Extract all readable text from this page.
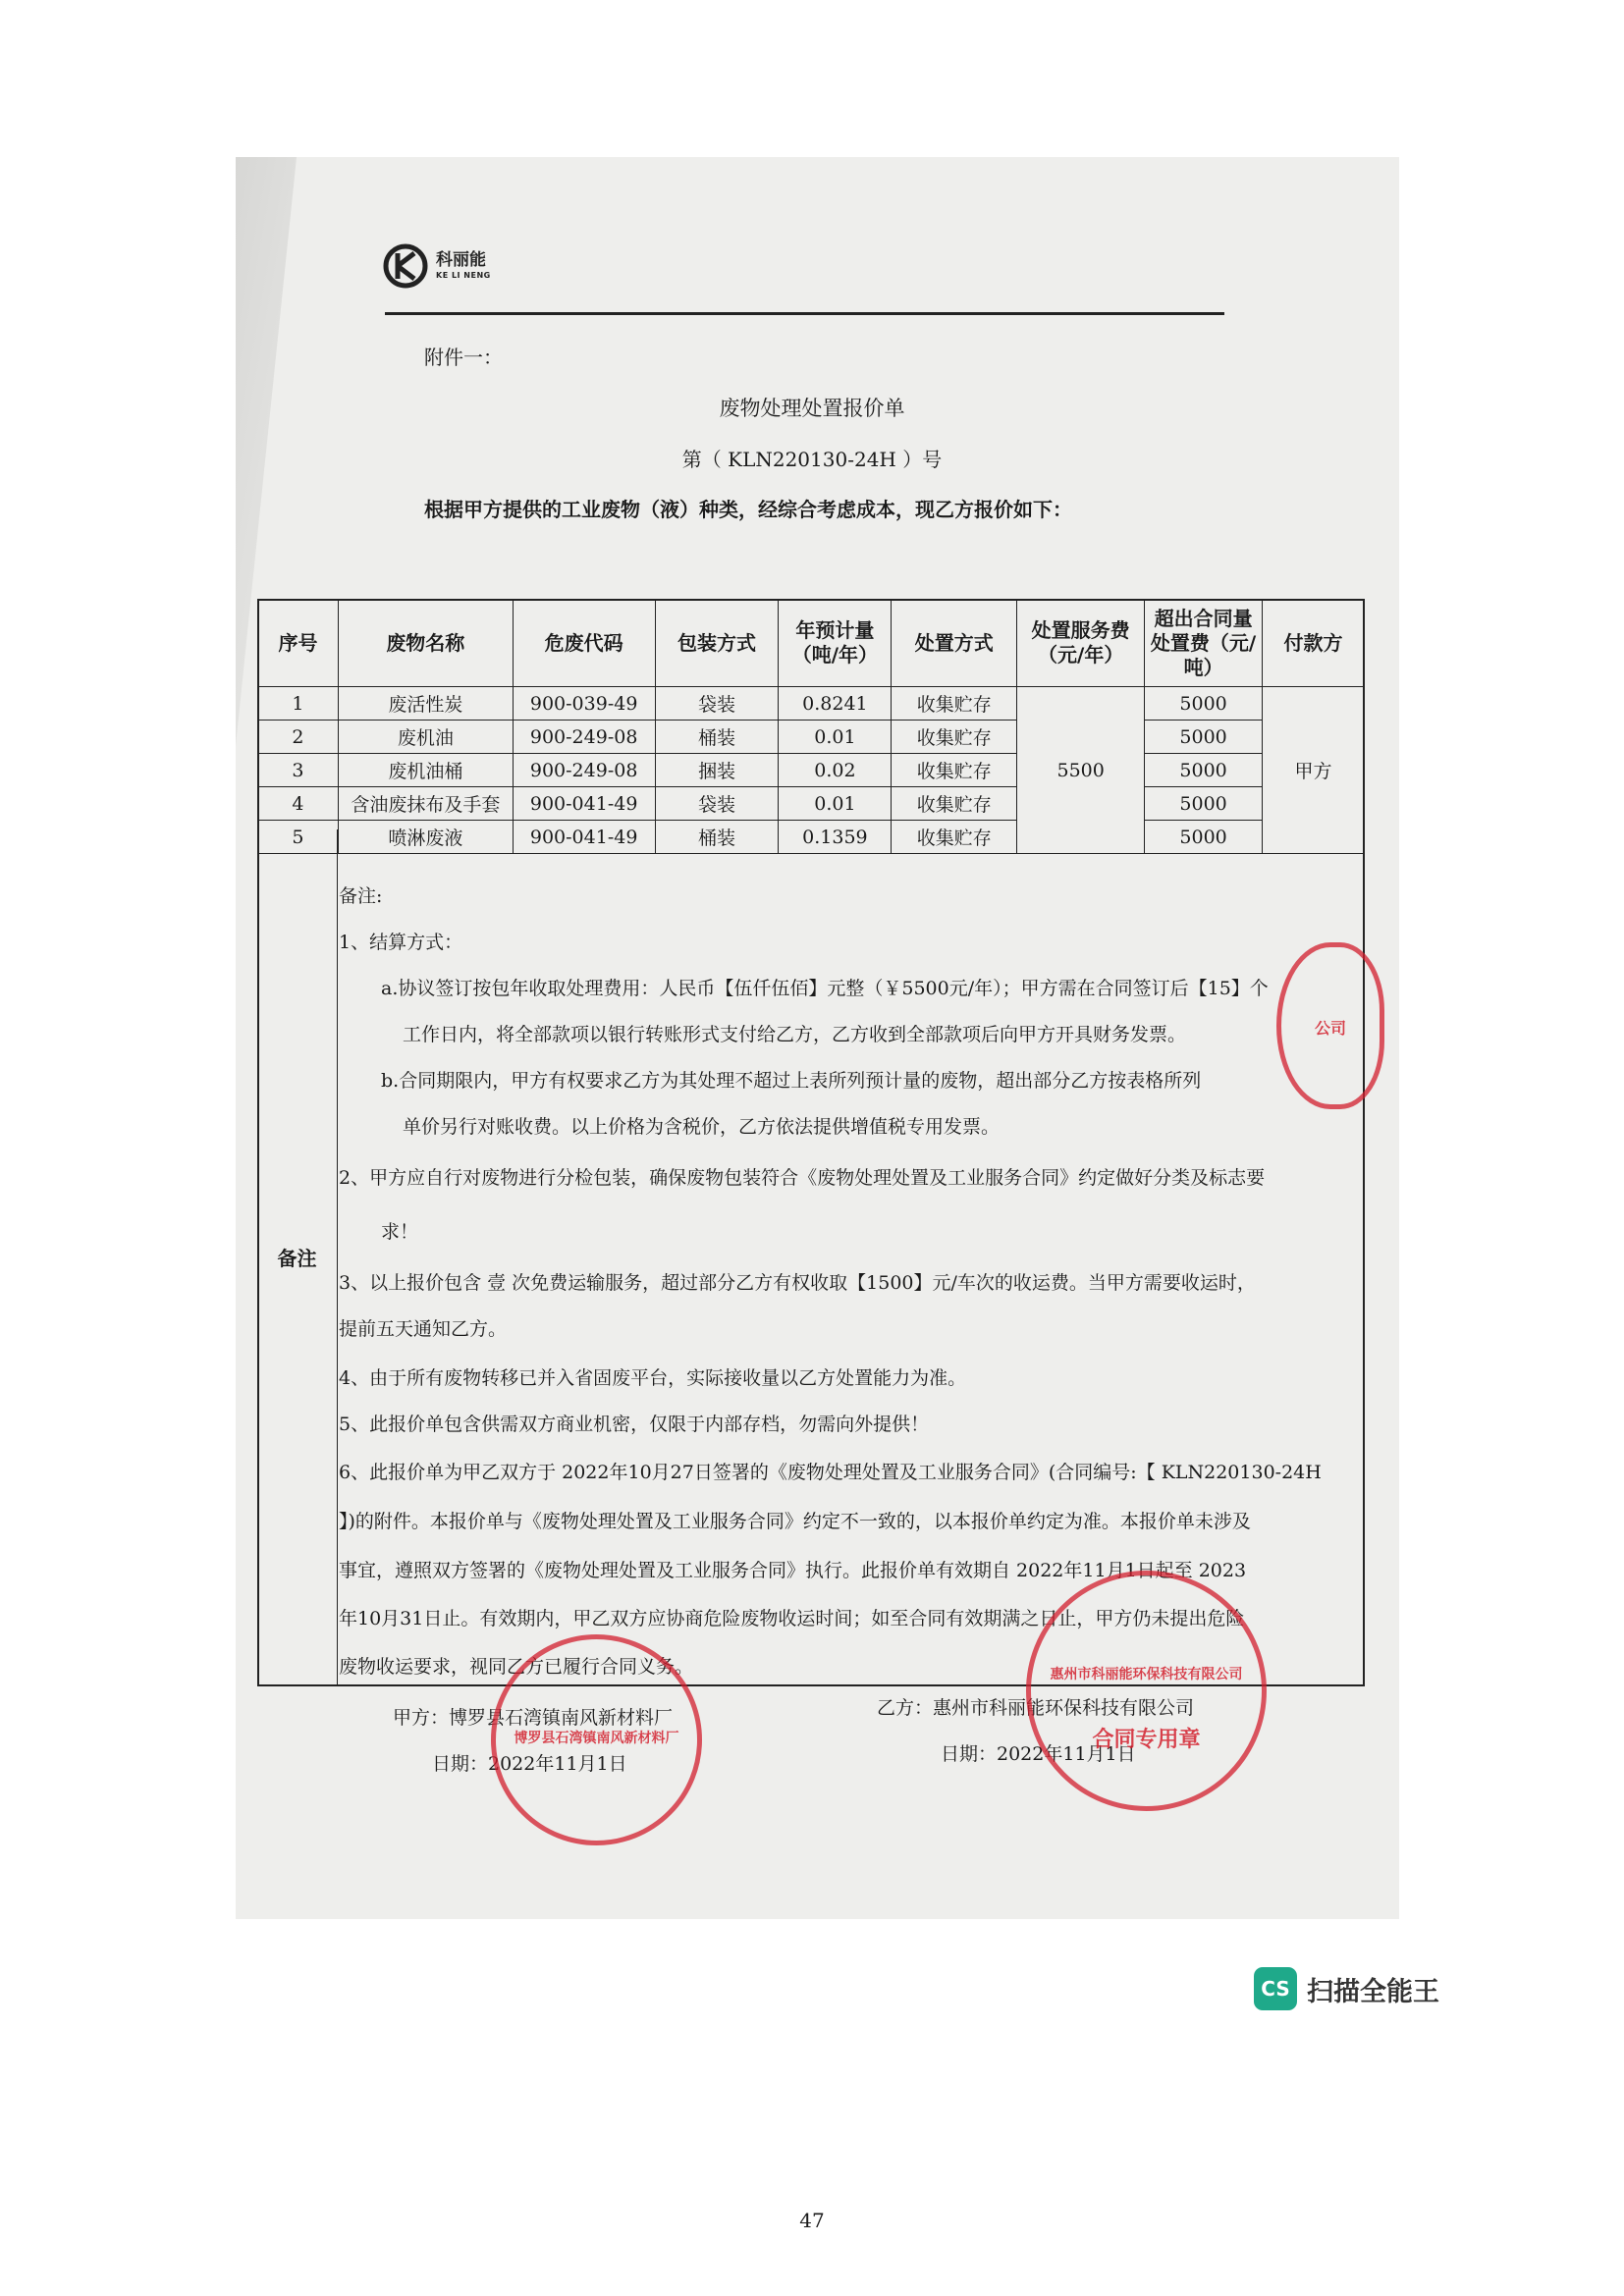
科丽能
KE LI NENG
附件一：
废物处理处置报价单
第（ KLN220130-24H ）号
根据甲方提供的工业废物（液）种类，经综合考虑成本，现乙方报价如下：
序号	废物名称	危废代码	包装方式	年预计量（吨/年）	处置方式	处置服务费（元/年）	超出合同量处置费（元/吨）	付款方
1	废活性炭	900-039-49	袋装	0.8241	收集贮存	5500	5000	甲方
2	废机油	900-249-08	桶装	0.01	收集贮存		5000	
3	废机油桶	900-249-08	捆装	0.02	收集贮存		5000	
4	含油废抹布及手套	900-041-49	袋装	0.01	收集贮存		5000	
5	喷淋废液	900-041-49	桶装	0.1359	收集贮存		5000	
备注
备注:
1、结算方式：
a.协议签订按包年收取处理费用：人民币【伍仟伍佰】元整（￥5500元/年）；甲方需在合同签订后【15】个
工作日内，将全部款项以银行转账形式支付给乙方，乙方收到全部款项后向甲方开具财务发票。
b.合同期限内，甲方有权要求乙方为其处理不超过上表所列预计量的废物，超出部分乙方按表格所列
单价另行对账收费。以上价格为含税价，乙方依法提供增值税专用发票。
2、甲方应自行对废物进行分检包装，确保废物包装符合《废物处理处置及工业服务合同》约定做好分类及标志要
求！
3、以上报价包含 壹 次免费运输服务，超过部分乙方有权收取【1500】元/车次的收运费。当甲方需要收运时，
提前五天通知乙方。
4、由于所有废物转移已并入省固废平台，实际接收量以乙方处置能力为准。
5、此报价单包含供需双方商业机密，仅限于内部存档，勿需向外提供！
6、此报价单为甲乙双方于 2022年10月27日签署的《废物处理处置及工业服务合同》(合同编号:【 KLN220130-24H
】)的附件。本报价单与《废物处理处置及工业服务合同》约定不一致的，以本报价单约定为准。本报价单未涉及
事宜，遵照双方签署的《废物处理处置及工业服务合同》执行。此报价单有效期自 2022年11月1日起至 2023
年10月31日止。有效期内，甲乙双方应协商危险废物收运时间；如至合同有效期满之日止，甲方仍未提出危险
废物收运要求，视同乙方已履行合同义务。
甲方：博罗县石湾镇南风新材料厂
日期：2022年11月1日
乙方：惠州市科丽能环保科技有限公司
日期：2022年11月1日
博罗县石湾镇南风新材料厂
惠州市科丽能环保科技有限公司
合同专用章
公司
CS 扫描全能王
47
